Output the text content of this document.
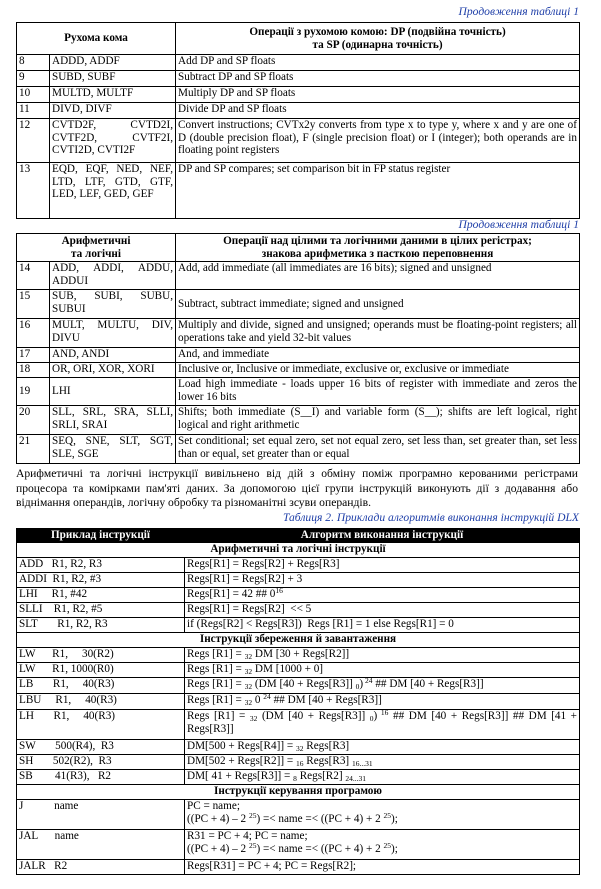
Продовження таблиці 1
Рухома кома		Операції з рухомою комою: DP (подвійна точність)
та SP (одинарна точність)
8	ADDD, ADDF	Add DP and SP floats
9	SUBD, SUBF	Subtract DP and SP floats
10	MULTD, MULTF	Multiply DP and SP floats
11	DIVD, DIVF	Divide DP and SP floats
12	CVTD2F, CVTD2I, CVTF2D, CVTF2I, CVTI2D, CVTI2F	Convert instructions; CVTx2y converts from type x to type y, where x and y are one of D (double precision float), F (single precision float) or I (integer); both operands are in floating point registers
13	EQD, EQF, NED, NEF, LTD, LTF, GTD, GTF, LED, LEF, GED, GEF	DP and SP compares; set comparison bit in FP status register
Продовження таблиці 1
Арифметичні
та логічні		Операції над цілими та логічними даними в цілих регістрах;
знакова арифметика з пасткою переповнення
14	ADD, ADDI, ADDU, ADDUI	Add, add immediate (all immediates are 16 bits); signed and unsigned
15	SUB, SUBI, SUBU, SUBUI	Subtract, subtract immediate; signed and unsigned
16	MULT, MULTU, DIV, DIVU	Multiply and divide, signed and unsigned; operands must be floating-point registers; all operations take and yield 32-bit values
17	AND, ANDI	And, and immediate
18	OR, ORI, XOR, XORI	Inclusive or, Inclusive or immediate, exclusive or, exclusive or immediate
19	LHI	Load high immediate - loads upper 16 bits of register with immediate and zeros the lower 16 bits
20	SLL, SRL, SRA, SLLI, SRLI, SRAI	Shifts; both immediate (S__I) and variable form (S__); shifts are left logical, right logical and right arithmetic
21	SEQ, SNE, SLT, SGT, SLE, SGE	Set conditional; set equal zero, set not equal zero, set less than, set greater than, set less than or equal, set greater than or equal
Арифметичні та логічні інструкції вивільнено від дій з обміну поміж програмно керованими регістрами процесора та комірками пам'яті даних. За допомогою цієї групи інструкцій виконують дії з додавання або віднімання операндів, логічну обробку та різноманітні зсуви операндів.
Таблиця 2. Приклади алгоритмів виконання інструкцій DLX
Приклад інструкції	Алгоритм виконання інструкції
Арифметичні та логічні інструкції	
ADD   R1, R2, R3	Regs[R1] = Regs[R2] + Regs[R3]
ADDI  R1, R2, #3	Regs[R1] = Regs[R2] + 3
LHI     R1, #42	Regs[R1] = 42 ## $0^{16}$
SLLI    R1, R2, #5	Regs[R1] = Regs[R2]  << 5
SLT       R1, R2, R3	if (Regs[R2] < Regs[R3])  Regs [R1] = 1 else Regs[R1] = 0
Інструкції збереження й завантаження	
LW      R1,     30(R2)	Regs [R1] = $_{32}$ DM [30 + Regs[R2]]
LW      R1, 1000(R0)	Regs [R1] = $_{32}$ DM [1000 + 0]
LB       R1,     40(R3)	Regs [R1] = $_{32}$ (DM [40 + Regs[R3]] $_0$) $^{24}$ ## DM [40 + Regs[R3]]
LBU     R1,     40(R3)	Regs [R1] = $_{32}$ 0 $^{24}$ ## DM [40 + Regs[R3]]
LH       R1,     40(R3)	Regs [R1] = $_{32}$ (DM [40 + Regs[R3]] $_0$) $^{16}$ ## DM [40 + Regs[R3]] ## DM [41 + Regs[R3]]
SW       500(R4),  R3	DM[500 + Regs[R4]] = $_{32}$ Regs[R3]
SH       502(R2),  R3	DM[502 + Regs[R2]] = $_{16}$ Regs[R3] $_{16...31}$
SB        41(R3),   R2	DM[ 41 + Regs[R3]] = $_8$ Regs[R2] $_{24...31}$
Інструкції керування програмою	
J           name	PC = name;
((PC + 4) – 2 $^{25}$) =< name =< ((PC + 4) + 2 $^{25}$);
JAL      name	R31 = PC + 4; PC = name;
((PC + 4) – 2 $^{25}$) =< name =< ((PC + 4) + 2 $^{25}$);
JALR   R2	Regs[R31] = PC + 4; PC = Regs[R2];
